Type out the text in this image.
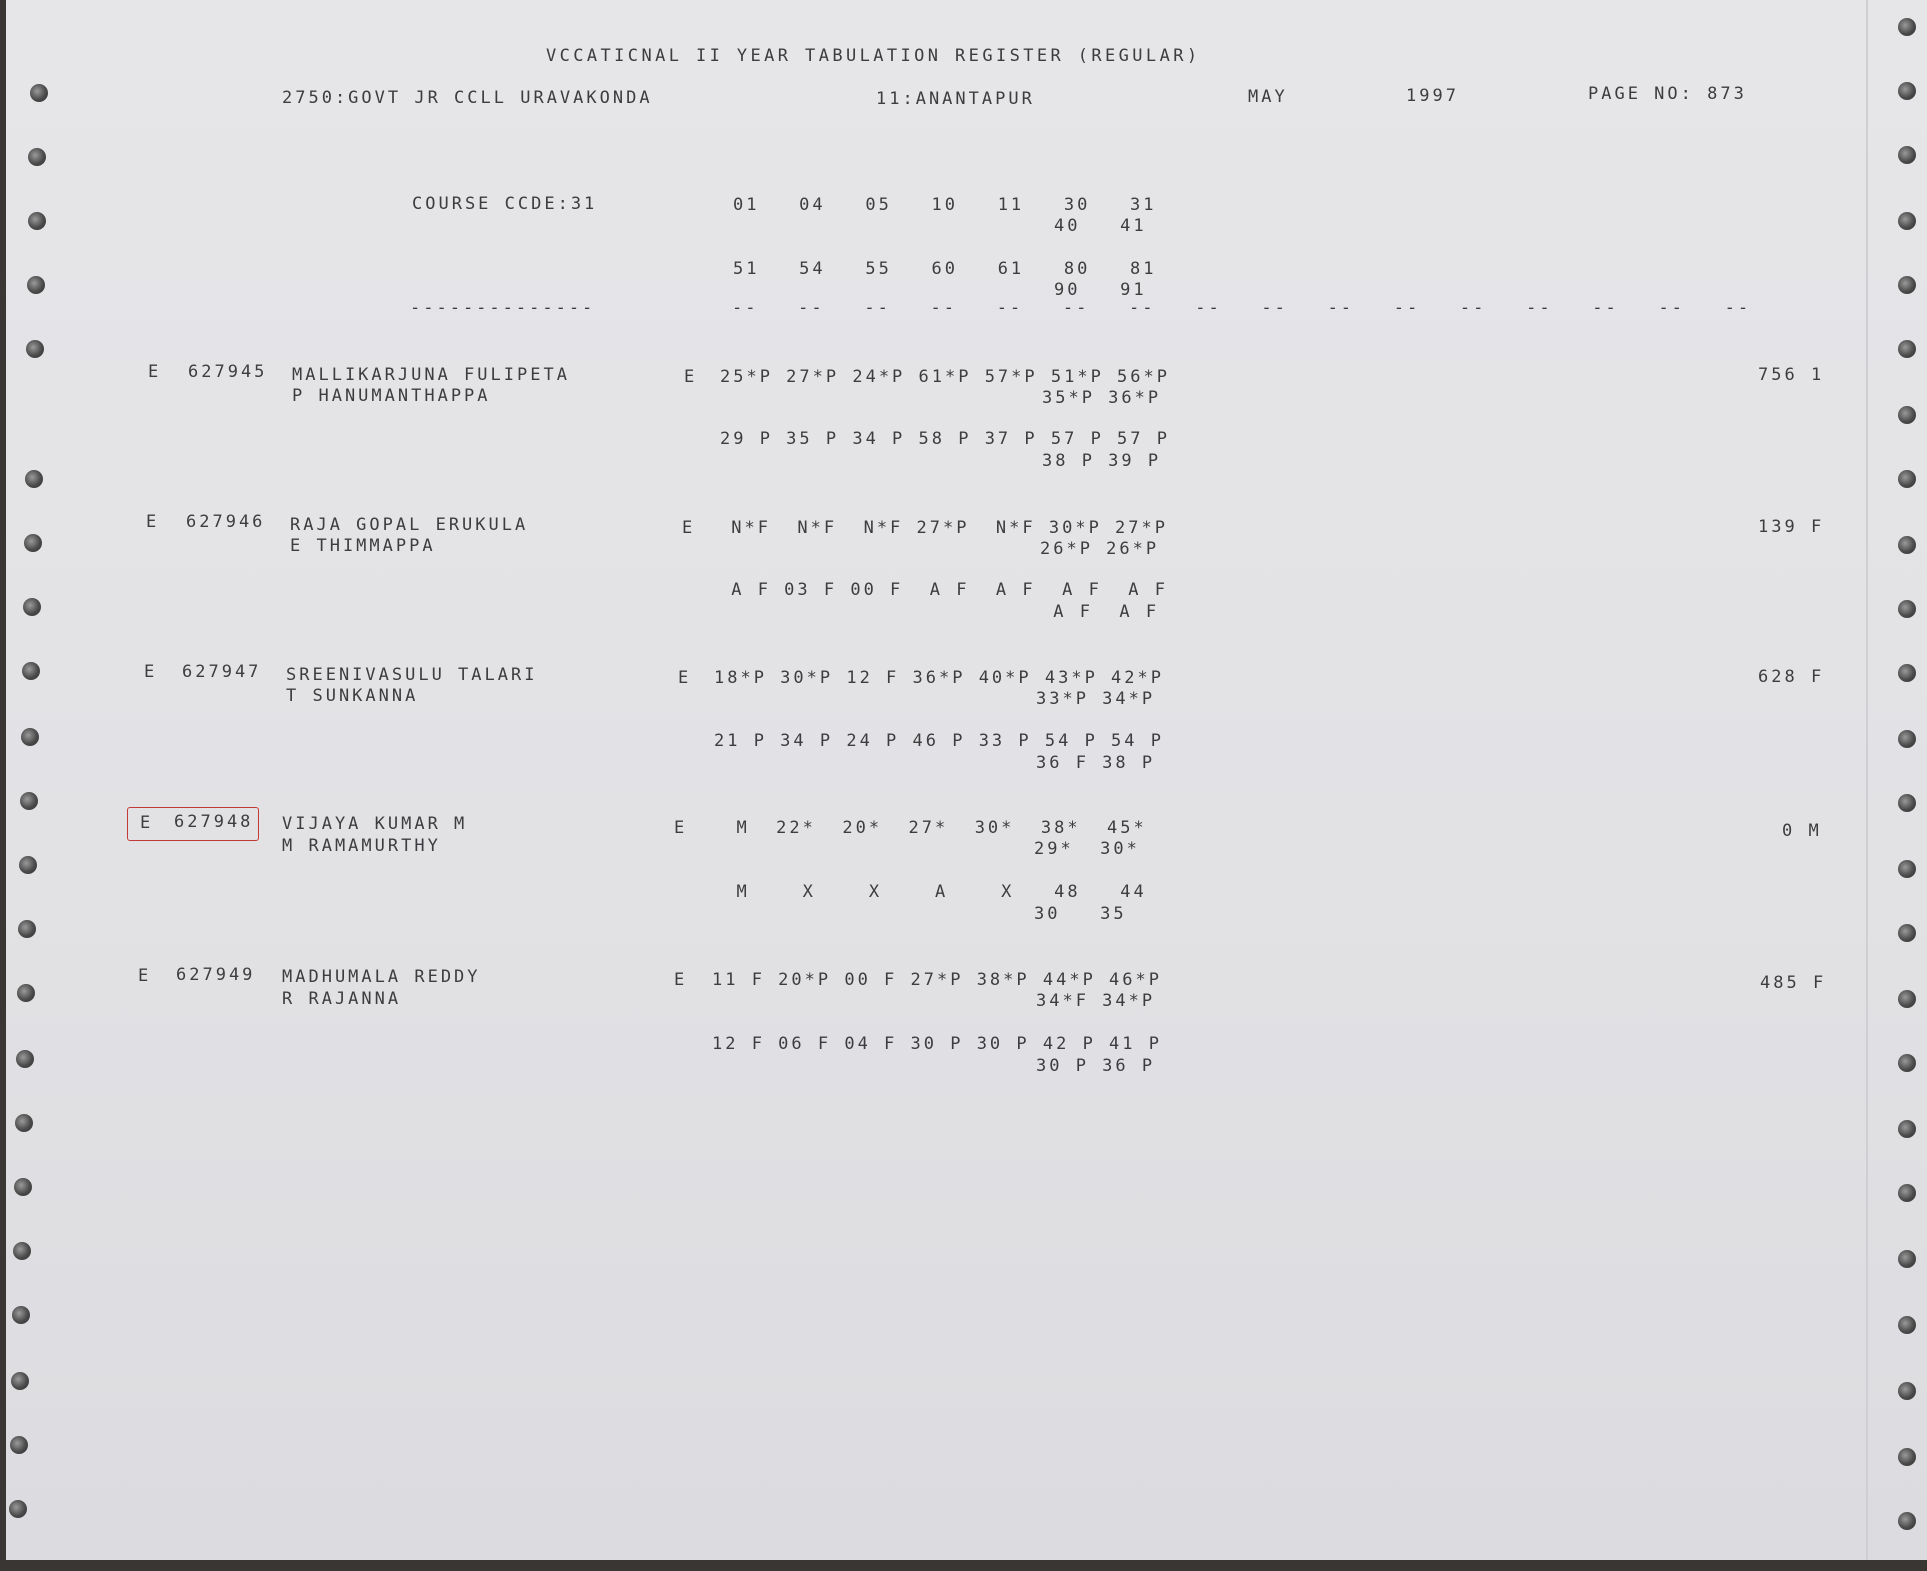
VCCATICNAL II YEAR TABULATION REGISTER (REGULAR)
2750:GOVT JR CCLL URAVAKONDA	11:ANANTAPUR	MAY	1997	PAGE NO: 873
COURSE CCDE:31	01   04   05   10   11   30   31
40   41
51   54   55   60   61   80   81
90   91
--------------	--   --   --   --   --   --   --   --   --   --   --   --   --   --   --   --
E 627945 MALLIKARJUNA FULIPETA
P HANUMANTHAPPA
E 25*P 27*P 24*P 61*P 57*P 51*P 56*P
35*P 36*P
29 P 35 P 34 P 58 P 37 P 57 P 57 P
38 P 39 P
756 1
E 627946 RAJA GOPAL ERUKULA
E THIMMAPPA
E N*F  N*F  N*F 27*P  N*F 30*P 27*P
26*P 26*P
A F 03 F 00 F  A F  A F  A F  A F
A F  A F
139 F
E 627947 SREENIVASULU TALARI
T SUNKANNA
E 18*P 30*P 12 F 36*P 40*P 43*P 42*P
33*P 34*P
21 P 34 P 24 P 46 P 33 P 54 P 54 P
36 F 38 P
628 F
E 627948 VIJAYA KUMAR M
M RAMAMURTHY
E M  22*  20*  27*  30*  38*  45*
29*  30*
M    X    X    A    X   48   44
30   35
0 M
E 627949 MADHUMALA REDDY
R RAJANNA
E 11 F 20*P 00 F 27*P 38*P 44*P 46*P
34*F 34*P
12 F 06 F 04 F 30 P 30 P 42 P 41 P
30 P 36 P
485 F
